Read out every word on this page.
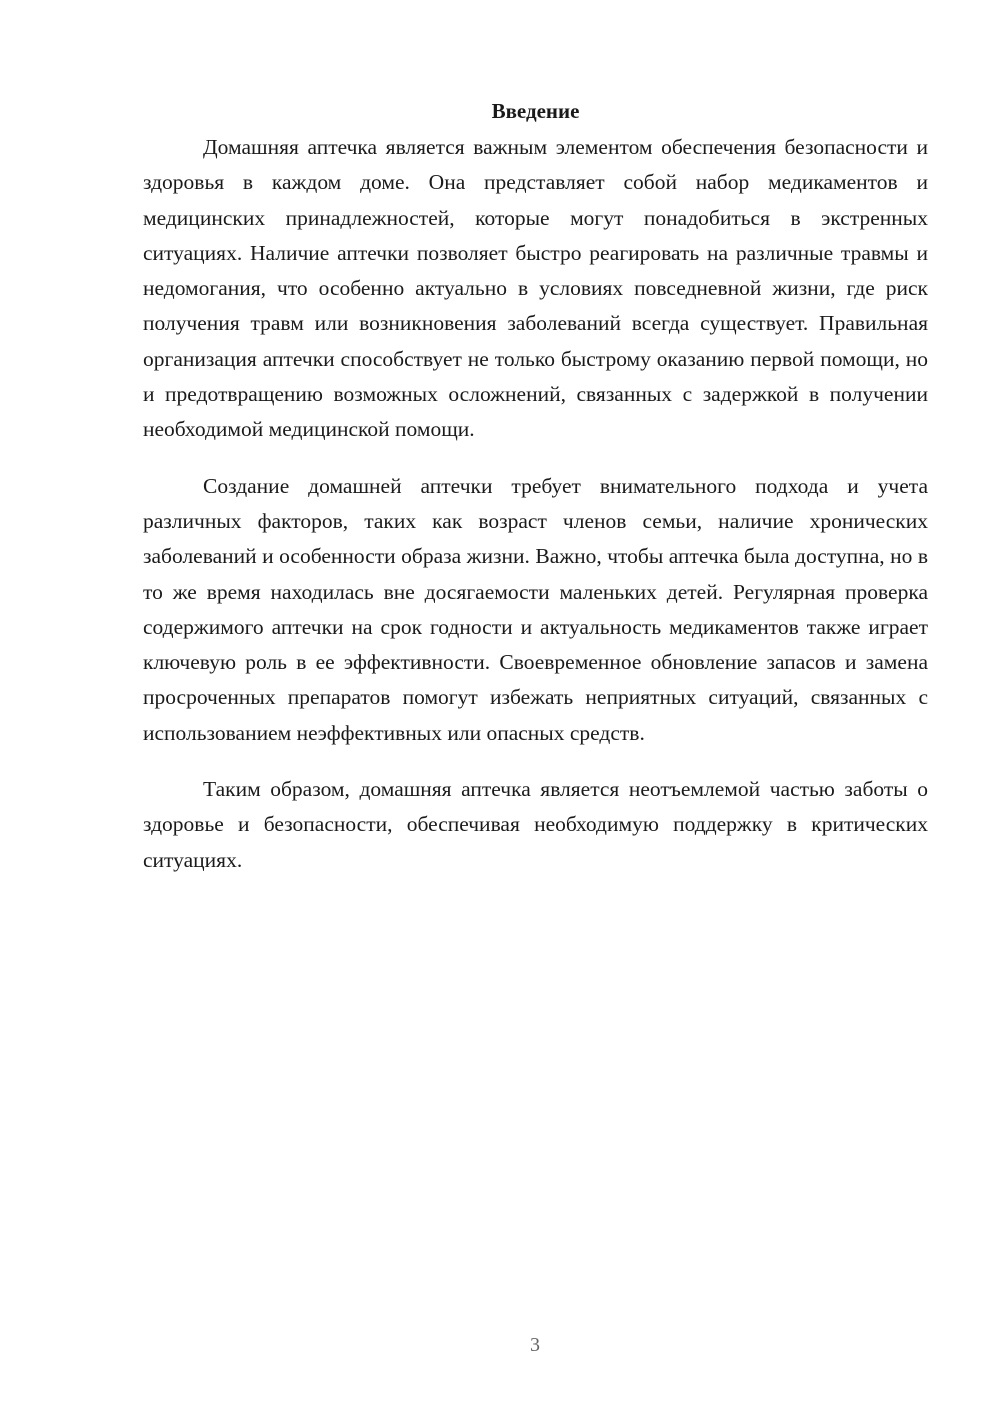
Введение

Домашняя аптечка является важным элементом обеспечения безопасности и здоровья в каждом доме. Она представляет собой набор медикаментов и медицинских принадлежностей, которые могут понадобиться в экстренных ситуациях. Наличие аптечки позволяет быстро реагировать на различные травмы и недомогания, что особенно актуально в условиях повседневной жизни, где риск получения травм или возникновения заболеваний всегда существует. Правильная организация аптечки способствует не только быстрому оказанию первой помощи, но и предотвращению возможных осложнений, связанных с задержкой в получении необходимой медицинской помощи.

Создание домашней аптечки требует внимательного подхода и учета различных факторов, таких как возраст членов семьи, наличие хронических заболеваний и особенности образа жизни. Важно, чтобы аптечка была доступна, но в то же время находилась вне досягаемости маленьких детей. Регулярная проверка содержимого аптечки на срок годности и актуальность медикаментов также играет ключевую роль в ее эффективности. Своевременное обновление запасов и замена просроченных препаратов помогут избежать неприятных ситуаций, связанных с использованием неэффективных или опасных средств.

Таким образом, домашняя аптечка является неотъемлемой частью заботы о здоровье и безопасности, обеспечивая необходимую поддержку в критических ситуациях.

3
